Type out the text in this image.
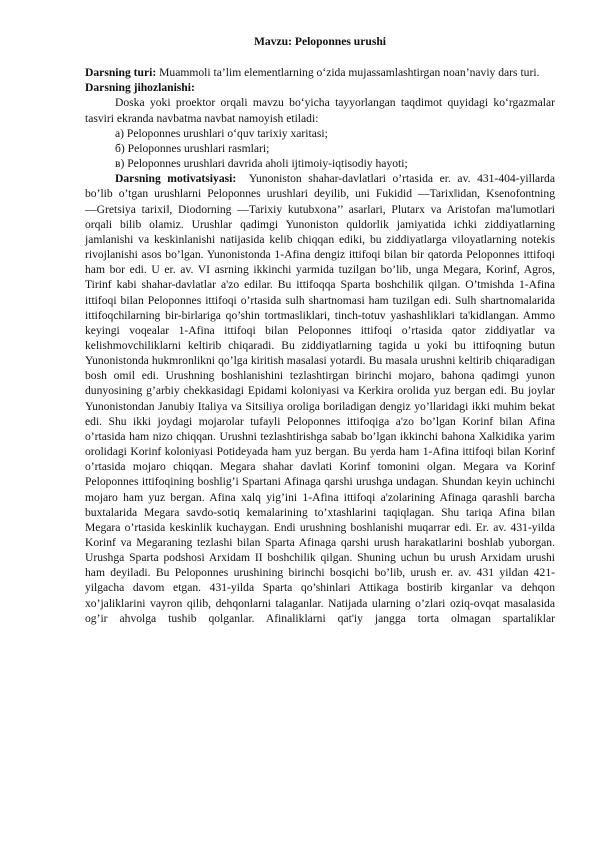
Mavzu: Peloponnes urushi

Darsning turi: Muammoli ta’lim elementlarning o‘zida mujassamlashtirgan noan’naviy dars turi.

Darsning jihozlanishi:

Doska yoki proektor orqali mavzu bo‘yicha tayyorlangan taqdimot quyidagi ko‘rgazmalar tasviri ekranda navbatma navbat namoyish etiladi:

а) Peloponnes urushlari o‘quv tarixiy xaritasi;

б) Peloponnes urushlari rasmlari;

в) Peloponnes urushlari davrida aholi ijtimoiy-iqtisodiy hayoti;

Darsning motivatsiyasi: Yunoniston shahar-davlatlari o’rtasida er. av. 431-404-yillarda bo’lib o’tgan urushlarni Peloponnes urushlari deyilib, uni Fukidid ―Tarix‖idan, Ksenofontning ―Gretsiya tarixi‖, Diodorning ―Tarixiy kutubxona’’ asarlari, Plutarx va Aristofan ma'lumotlari orqali bilib olamiz. Urushlar qadimgi Yunoniston quldorlik jamiyatida ichki ziddiyatlarning jamlanishi va keskinlanishi natijasida kelib chiqqan ediki, bu ziddiyatlarga viloyatlarning notekis rivojlanishi asos bo’lgan. Yunonistonda 1-Afina dengiz ittifoqi bilan bir qatorda Peloponnes ittifoqi ham bor edi. U er. av. VI asrning ikkinchi yarmida tuzilgan bo’lib, unga Megara, Korinf, Agros, Tirinf kabi shahar-davlatlar a'zo edilar. Bu ittifoqqa Sparta boshchilik qilgan. O’tmishda 1-Afina ittifoqi bilan Peloponnes ittifoqi o’rtasida sulh shartnomasi ham tuzilgan edi. Sulh shartnomalarida ittifoqchilarning bir-birlariga qo’shin tortmasliklari, tinch-totuv yashashliklari ta'kidlangan. Ammo keyingi voqealar 1-Afina ittifoqi bilan Peloponnes ittifoqi o’rtasida qator ziddiyatlar va kelishmovchiliklarni keltirib chiqaradi. Bu ziddiyatlarning tagida u yoki bu ittifoqning butun Yunonistonda hukmronlikni qo’lga kiritish masalasi yotardi. Bu masala urushni keltirib chiqaradigan bosh omil edi. Urushning boshlanishini tezlashtirgan birinchi mojaro, bahona qadimgi yunon dunyosining g’arbiy chekkasidagi Epidami koloniyasi va Kerkira orolida yuz bergan edi. Bu joylar Yunonistondan Janubiy Italiya va Sitsiliya oroliga boriladigan dengiz yo’llaridagi ikki muhim bekat edi. Shu ikki joydagi mojarolar tufayli Peloponnes ittifoqiga a'zo bo’lgan Korinf bilan Afina o’rtasida ham nizo chiqqan. Urushni tezlashtirishga sabab bo’lgan ikkinchi bahona Xalkidika yarim orolidagi Korinf koloniyasi Potideyada ham yuz bergan. Bu yerda ham 1-Afina ittifoqi bilan Korinf o’rtasida mojaro chiqqan. Megara shahar davlati Korinf tomonini olgan. Megara va Korinf Peloponnes ittifoqining boshlig’i Spartani Afinaga qarshi urushga undagan. Shundan keyin uchinchi mojaro ham yuz bergan. Afina xalq yig’ini 1-Afina ittifoqi a'zolarining Afinaga qarashli barcha buxtalarida Megara savdo-sotiq kemalarining to’xtashlarini taqiqlagan. Shu tariqa Afina bilan Megara o’rtasida keskinlik kuchaygan. Endi urushning boshlanishi muqarrar edi. Er. av. 431-yilda Korinf va Megaraning tezlashi bilan Sparta Afinaga qarshi urush harakatlarini boshlab yuborgan. Urushga Sparta podshosi Arxidam II boshchilik qilgan. Shuning uchun bu urush Arxidam urushi ham deyiladi. Bu Peloponnes urushining birinchi bosqichi bo’lib, urush er. av. 431 yildan 421- yilgacha davom etgan. 431-yilda Sparta qo’shinlari Attikaga bostirib kirganlar va dehqon xo’jaliklarini vayron qilib, dehqonlarni talaganlar. Natijada ularning o’zlari oziq-ovqat masalasida og’ir ahvolga tushib qolganlar. Afinaliklarni qat'iy jangga torta olmagan spartaliklar
